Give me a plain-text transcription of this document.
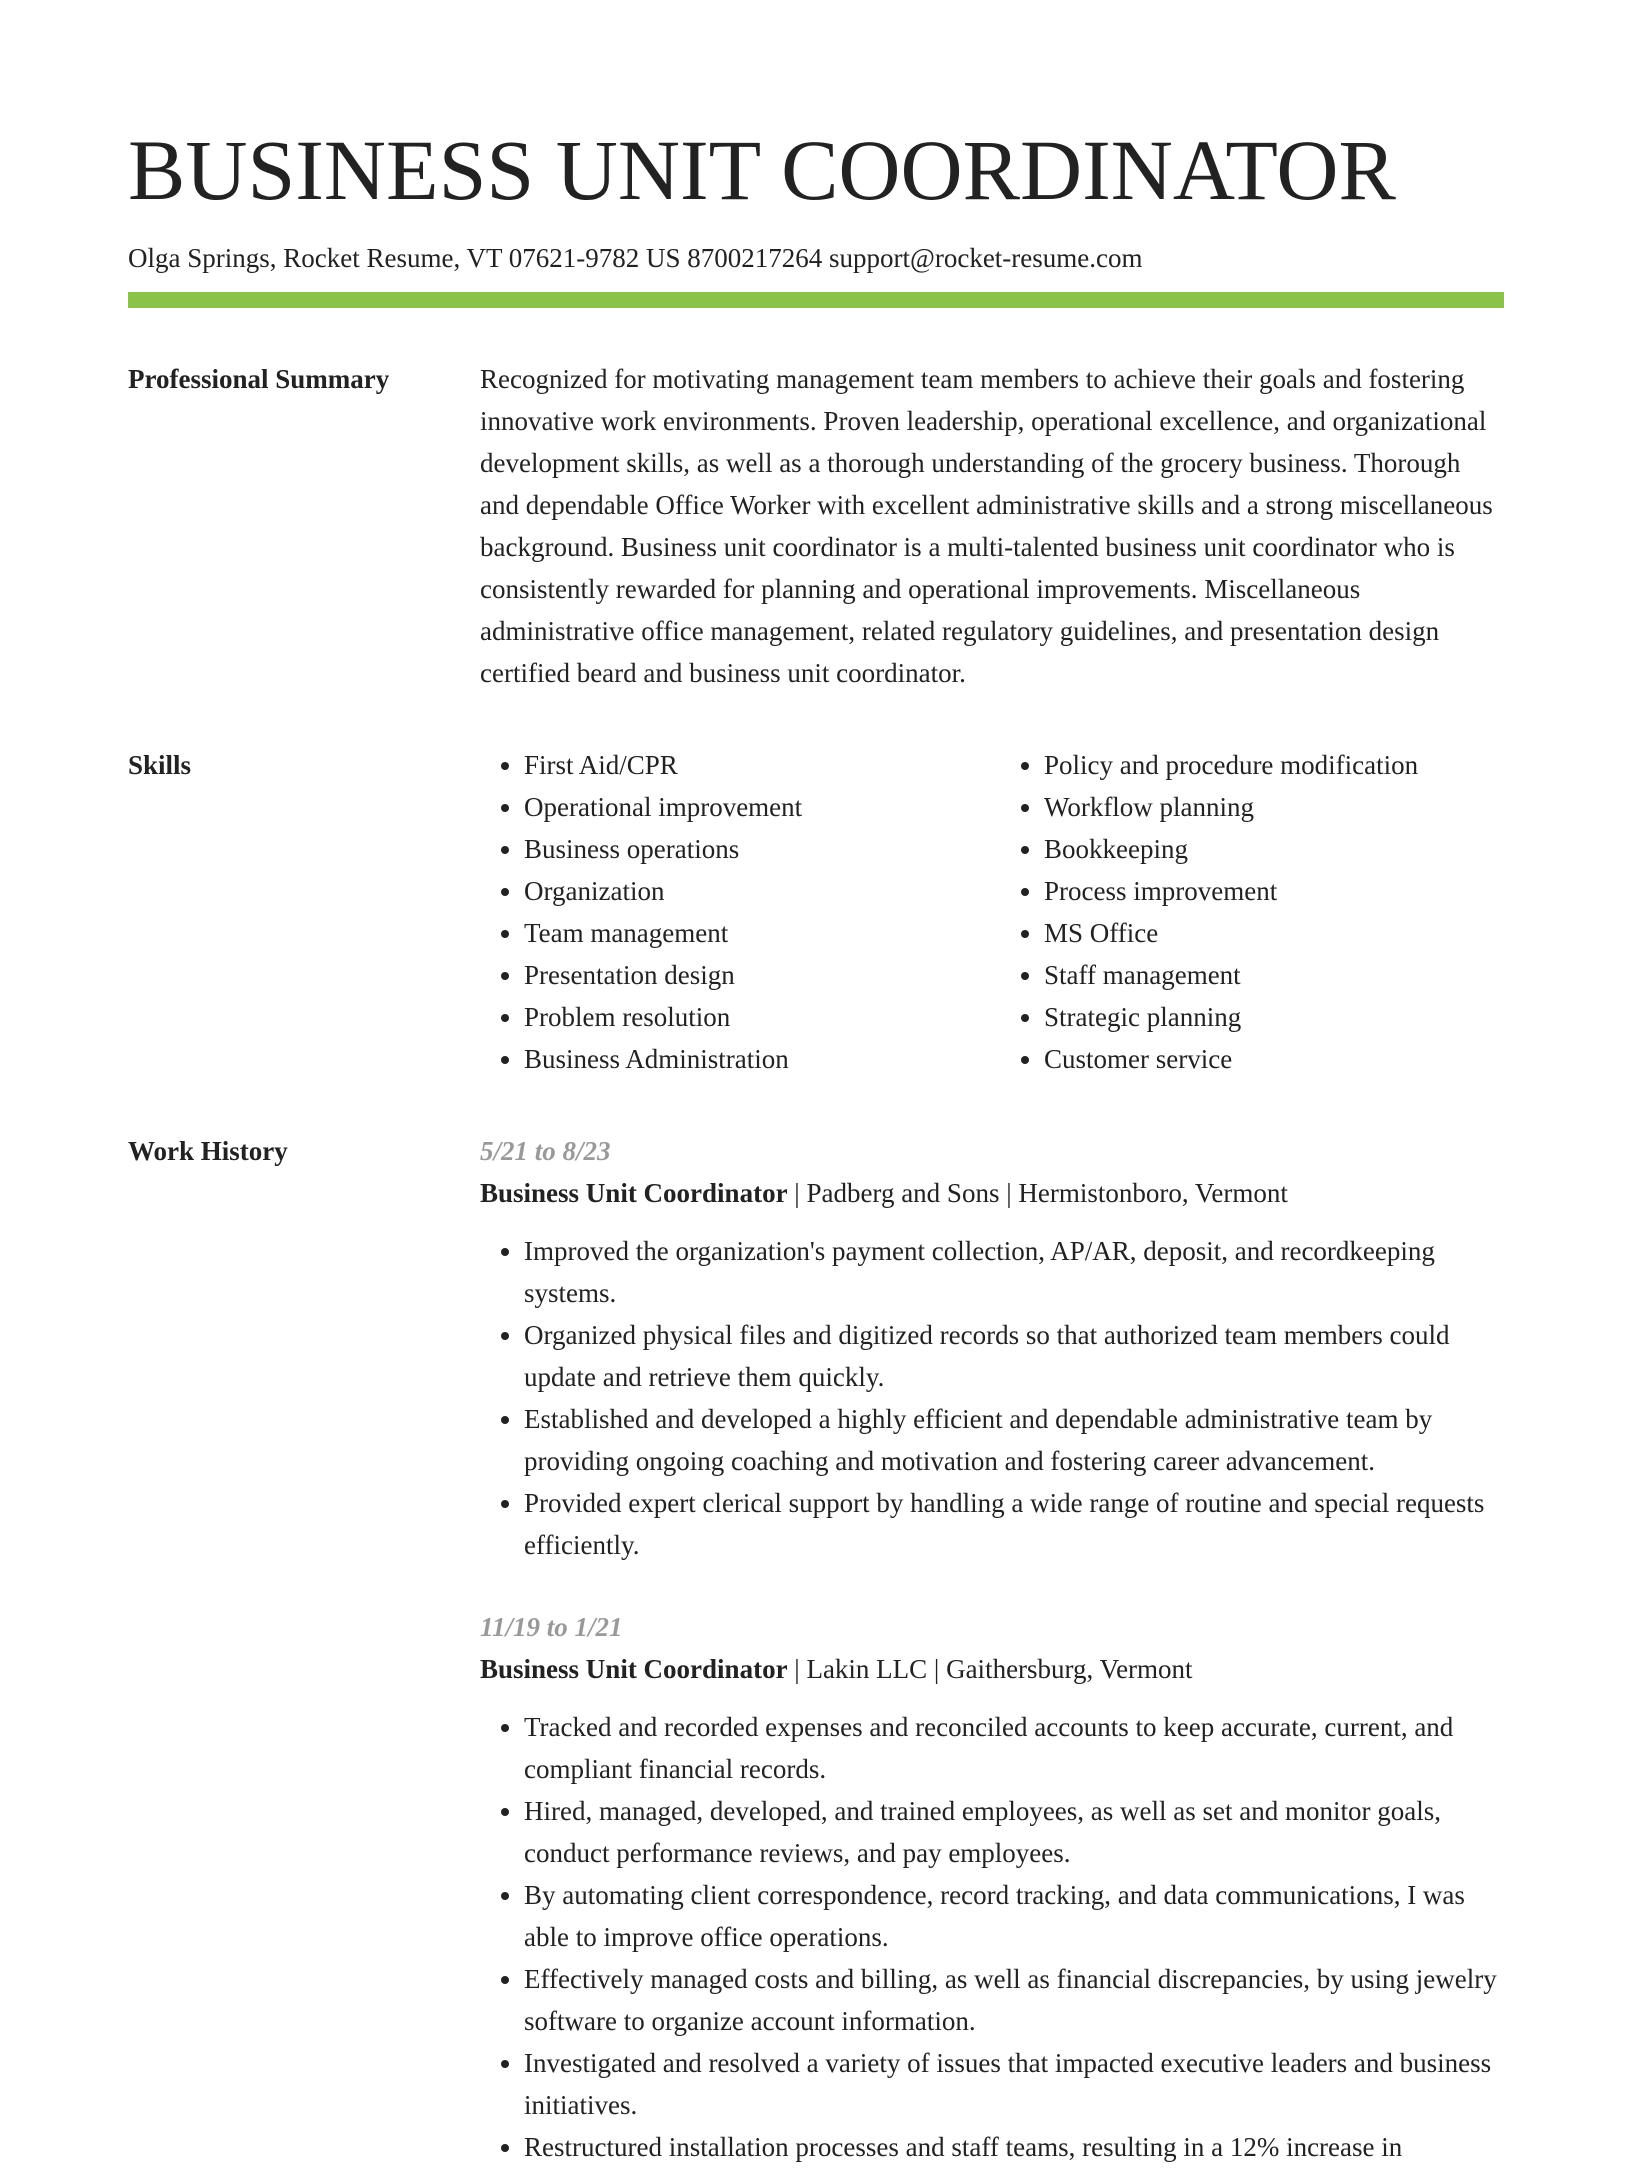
BUSINESS UNIT COORDINATOR
Olga Springs, Rocket Resume, VT 07621-9782 US 8700217264 support@rocket-resume.com
Professional Summary	Recognized for motivating management team members to achieve their goals and fostering innovative work environments. Proven leadership, operational excellence, and organizational development skills, as well as a thorough understanding of the grocery business. Thorough and dependable Office Worker with excellent administrative skills and a strong miscellaneous background. Business unit coordinator is a multi-talented business unit coordinator who is consistently rewarded for planning and operational improvements. Miscellaneous administrative office management, related regulatory guidelines, and presentation design certified beard and business unit coordinator.

Skills
•	First Aid/CPR
• Operational improvement
• Business operations
• Organization
• Team management
• Presentation design
• Problem resolution
• Business Administration
• Policy and procedure modification
• Workflow planning
• Bookkeeping
• Process improvement
• MS Office
• Staff management
• Strategic planning
• Customer service
Work History	5/21 to 8/23
Business Unit Coordinator | Padberg and Sons | Hermistonboro, Vermont
• Improved the organization's payment collection, AP/AR, deposit, and recordkeeping systems.
• Organized physical files and digitized records so that authorized team members could update and retrieve them quickly.
• Established and developed a highly efficient and dependable administrative team by providing ongoing coaching and motivation and fostering career advancement.
• Provided expert clerical support by handling a wide range of routine and special requests efficiently.
11/19 to 1/21
Business Unit Coordinator | Lakin LLC | Gaithersburg, Vermont
• Tracked and recorded expenses and reconciled accounts to keep accurate, current, and compliant financial records.
• Hired, managed, developed, and trained employees, as well as set and monitor goals, conduct performance reviews, and pay employees.
• By automating client correspondence, record tracking, and data communications, I was able to improve office operations.
• Effectively managed costs and billing, as well as financial discrepancies, by using jewelry software to organize account information.
• Investigated and resolved a variety of issues that impacted executive leaders and business initiatives.
• Restructured installation processes and staff teams, resulting in a 12% increase in
